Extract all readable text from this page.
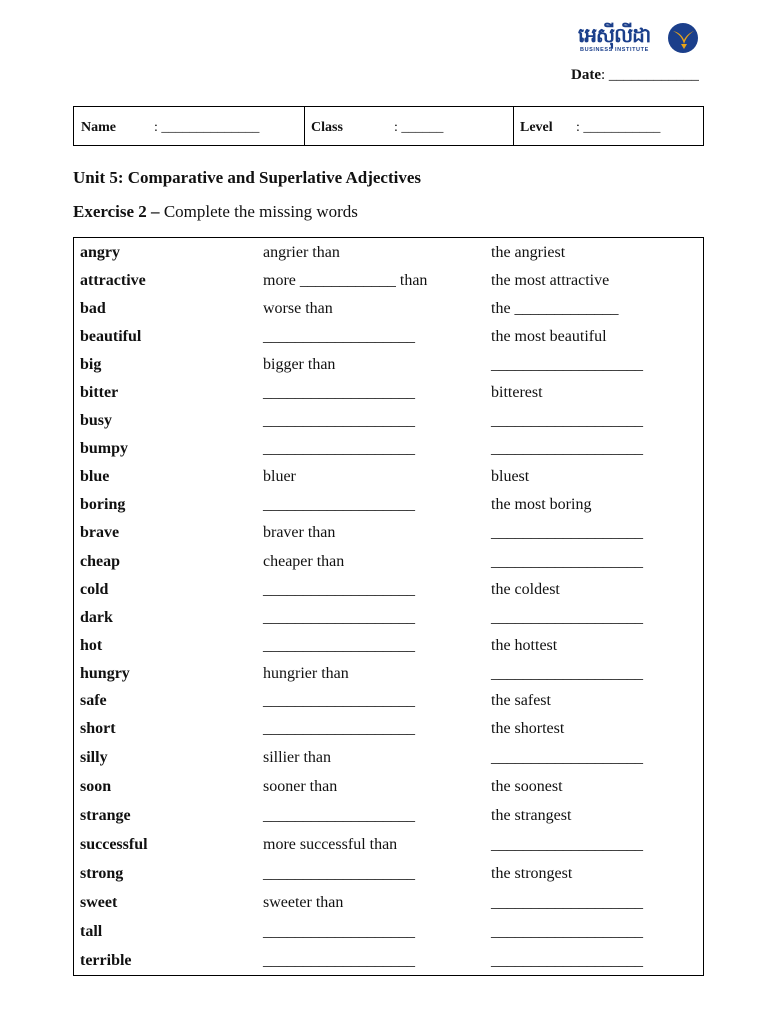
អេសុីលីដា
BUSINESS INSTITUTE
Date: ____________
Name	: ______________	Class	: ______	Level : ___________
Unit 5: Comparative and Superlative Adjectives
Exercise 2 – Complete the missing words
angry	angrier than	the angriest
attractive	more ____________ than	the most attractive
bad	worse than	the _____________
beautiful	___________________	the most beautiful
big	bigger than	___________________
bitter	___________________	bitterest
busy	___________________	___________________
bumpy	___________________	___________________
blue	bluer	bluest
boring	___________________	the most boring
brave	braver than	___________________
cheap	cheaper than	___________________
cold	___________________	the coldest
dark	___________________	___________________
hot	___________________	the hottest
hungry	hungrier than	___________________
safe	___________________	the safest
short	___________________	the shortest
silly	sillier than	___________________
soon	sooner than	the soonest
strange	___________________	the strangest
successful	more successful than	___________________
strong	___________________	the strongest
sweet	sweeter than	___________________
tall	___________________	___________________
terrible	___________________	___________________
